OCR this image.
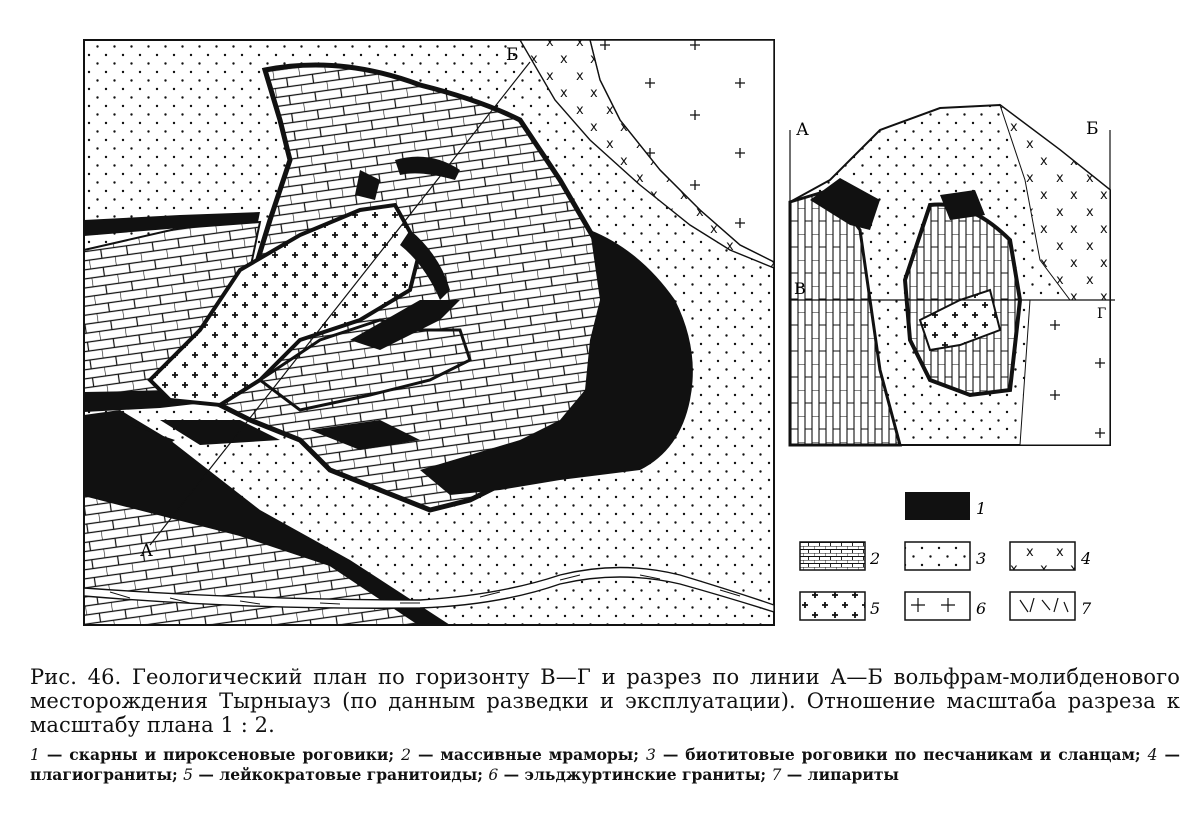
А
Б
А	Б
В
Г
1
2	3	4
5	6	7

Рис. 46. Геологический план по горизонту В—Г и разрез по линии А—Б вольфрам-молибденового месторождения Тырныауз (по данным разведки и эксплуатации). Отношение масштаба разреза к масштабу плана 1 : 2.

1 — скарны и пироксеновые роговики; 2 — массивные мраморы; 3 — биотитовые роговики по песчаникам и сланцам; 4 — плагиограниты; 5 — лейкократовые гранитоиды; 6 — эльджуртинские граниты; 7 — липариты
